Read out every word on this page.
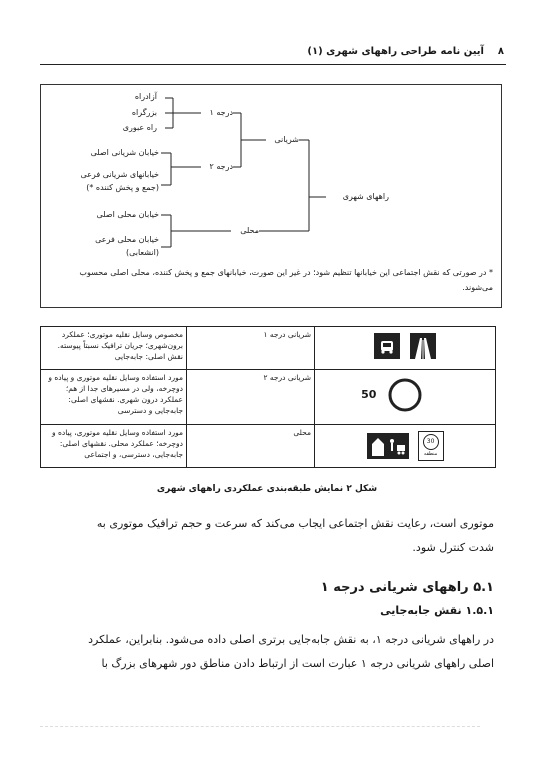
۸    آیین نامه طراحی راههای شهری (۱)
آزادراه
بزرگراه
راه عبوری
خیابان شریانی اصلی
خیابانهای شریانی فرعی
(جمع و پخش کننده *)
خیابان محلی اصلی
خیابان محلی فرعی
(انشعابی)
درجه ۱
درجه ۲
محلی
شریانی
راههای شهری
* در صورتی که نقش اجتماعی این خیابانها تنظیم شود؛ در غیر این صورت، خیابانهای جمع و پخش کننده، محلی اصلی محسوب می‌شوند.
مخصوص وسایل نقلیه موتوری؛ عملکرد برون‌شهری؛ جریان ترافیک نسبتاً پیوسته. نقش اصلی: جابه‌جایی	شریانی درجه ۱	
مورد استفاده وسایل نقلیه موتوری و پیاده و دوچرخه، ولی در مسیرهای جدا از هم؛ عملکرد درون شهری. نقشهای اصلی: جابه‌جایی و دسترسی	شریانی درجه ۲	50
مورد استفاده وسایل نقلیه موتوری، پیاده و دوچرخه؛ عملکرد محلی. نقشهای اصلی: جابه‌جایی، دسترسی، و اجتماعی	محلی	30
منطقه

شکل ۲ نمایش طبقه‌بندی عملکردی راههای شهری
موتوری است، رعایت نقش اجتماعی ایجاب می‌کند که سرعت و حجم ترافیک موتوری به
شدت کنترل شود.
۵.۱ راههای شریانی درجه ۱
۱.۵.۱ نقش جابه‌جایی
در راههای شریانی درجه ۱، به نقش جابه‌جایی برتری اصلی داده می‌شود. بنابراین، عملکرد
اصلی راههای شریانی درجه ۱ عبارت است از ارتباط دادن مناطق دور شهرهای بزرگ با
